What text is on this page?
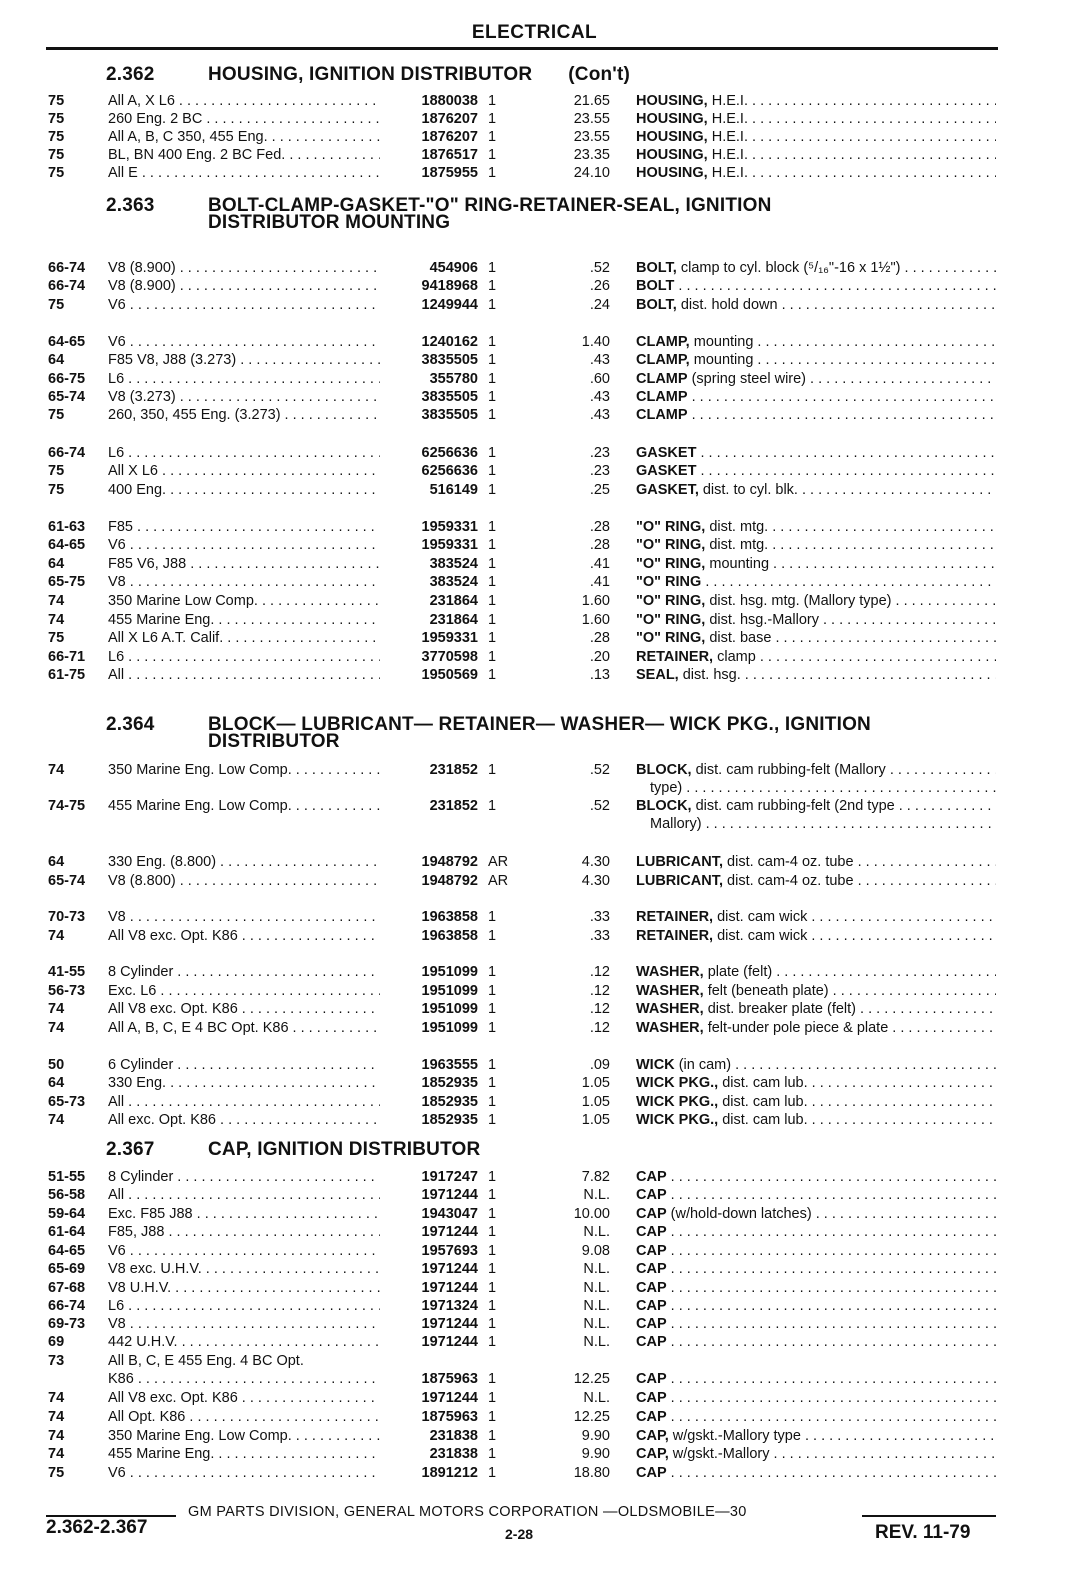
ELECTRICAL
2.362	HOUSING, IGNITION DISTRIBUTOR (Con't)
2.363	BOLT-CLAMP-GASKET-"O" RING-RETAINER-SEAL, IGNITION
DISTRIBUTOR MOUNTING
2.364	BLOCK— LUBRICANT— RETAINER— WASHER— WICK PKG., IGNITION
DISTRIBUTOR
2.367	CAP, IGNITION DISTRIBUTOR
75	All A, X L6 . . .	1880038 1	21.65 HOUSING, H.E.I. . . .
75	260 Eng. 2 BC . . .	1876207 1	23.55 HOUSING, H.E.I. . . .
75	All A, B, C 350, 455 Eng. . . .	1876207 1	23.55 HOUSING, H.E.I. . . .
75	BL, BN 400 Eng. 2 BC Fed. . . .	1876517 1	23.35 HOUSING, H.E.I. . . .
75	All E . . .	1875955 1	24.10 HOUSING, H.E.I. . . .
66-74 V8 (8.900) . . .	454906 1	.52 BOLT, clamp to cyl. block (⁵/₁₆"-16 x 1½") . . .
66-74 V8 (8.900) . . .	9418968 1	.26 BOLT . . .
75	V6 . . .	1249944 1	.24 BOLT, dist. hold down . . .
64-65 V6 . . .	1240162 1	1.40 CLAMP, mounting . . .
64	F85 V8, J88 (3.273) . . .	3835505 1	.43 CLAMP, mounting . . .
66-75 L6 . . .	355780 1	.60 CLAMP (spring steel wire) . . .
65-74 V8 (3.273) . . .	3835505 1	.43 CLAMP . . .
75	260, 350, 455 Eng. (3.273) . . .	3835505 1	.43 CLAMP . . .
66-74 L6 . . .	6256636 1	.23 GASKET . . .
75	All X L6 . . .	6256636 1	.23 GASKET . . .
75	400 Eng. . . .	516149 1	.25 GASKET, dist. to cyl. blk. . . .
61-63 F85 . . .	1959331 1	.28 "O" RING, dist. mtg. . . .
64-65 V6 . . .	1959331 1	.28 "O" RING, dist. mtg. . . .
64	F85 V6, J88 . . .	383524 1	.41 "O" RING, mounting . . .
65-75 V8 . . .	383524 1	.41 "O" RING . . .
74	350 Marine Low Comp. . . .	231864 1	1.60 "O" RING, dist. hsg. mtg. (Mallory type) . . .
74	455 Marine Eng. . . .	231864 1	1.60 "O" RING, dist. hsg.-Mallory . . .
75	All X L6 A.T. Calif. . . .	1959331 1	.28 "O" RING, dist. base . . .
66-71 L6 . . .	3770598 1	.20 RETAINER, clamp . . .
61-75 All . . .	1950569 1	.13 SEAL, dist. hsg. . . .
74	350 Marine Eng. Low Comp. . . .	231852 1	.52 BLOCK, dist. cam rubbing-felt (Mallory . . .
type) . . .
74-75 455 Marine Eng. Low Comp. . . .	231852 1	.52 BLOCK, dist. cam rubbing-felt (2nd type . . .
Mallory) . . .
64	330 Eng. (8.800) . . .	1948792 AR	4.30 LUBRICANT, dist. cam-4 oz. tube . . .
65-74 V8 (8.800) . . .	1948792 AR	4.30 LUBRICANT, dist. cam-4 oz. tube . . .
70-73 V8 . . .	1963858 1	.33 RETAINER, dist. cam wick . . .
74	All V8 exc. Opt. K86 . . .	1963858 1	.33 RETAINER, dist. cam wick . . .
41-55 8 Cylinder . . .	1951099 1	.12 WASHER, plate (felt) . . .
56-73 Exc. L6 . . .	1951099 1	.12 WASHER, felt (beneath plate) . . .
74	All V8 exc. Opt. K86 . . .	1951099 1	.12 WASHER, dist. breaker plate (felt) . . .
74	All A, B, C, E 4 BC Opt. K86 . . .	1951099 1	.12 WASHER, felt-under pole piece & plate . . .
50	6 Cylinder . . .	1963555 1	.09 WICK (in cam) . . .
64	330 Eng. . . .	1852935 1	1.05 WICK PKG., dist. cam lub. . . .
65-73 All . . .	1852935 1	1.05 WICK PKG., dist. cam lub. . . .
74	All exc. Opt. K86 . . .	1852935 1	1.05 WICK PKG., dist. cam lub. . . .
51-55 8 Cylinder . . .	1917247 1	7.82 CAP . . .
56-58 All . . .	1971244 1	N.L. CAP . . .
59-64 Exc. F85 J88 . . .	1943047 1	10.00 CAP (w/hold-down latches) . . .
61-64 F85, J88 . . .	1971244 1	N.L. CAP . . .
64-65 V6 . . .	1957693 1	9.08 CAP . . .
65-69 V8 exc. U.H.V. . . .	1971244 1	N.L. CAP . . .
67-68 V8 U.H.V. . . .	1971244 1	N.L. CAP . . .
66-74 L6 . . .	1971324 1	N.L. CAP . . .
69-73 V8 . . .	1971244 1	N.L. CAP . . .
69	442 U.H.V. . . .	1971244 1	N.L. CAP . . .
73	All B, C, E 455 Eng. 4 BC Opt.
K86 . . .	1875963 1	12.25 CAP . . .
74	All V8 exc. Opt. K86 . . .	1971244 1	N.L. CAP . . .
74	All Opt. K86 . . .	1875963 1	12.25 CAP . . .
74	350 Marine Eng. Low Comp. . . .	231838 1	9.90 CAP, w/gskt.-Mallory type . . .
74	455 Marine Eng. . . .	231838 1	9.90 CAP, w/gskt.-Mallory . . .
75	V6 . . .	1891212 1	18.80 CAP . . .
2.362-2.367
GM PARTS DIVISION, GENERAL MOTORS CORPORATION —OLDSMOBILE—30
2-28	REV. 11-79
